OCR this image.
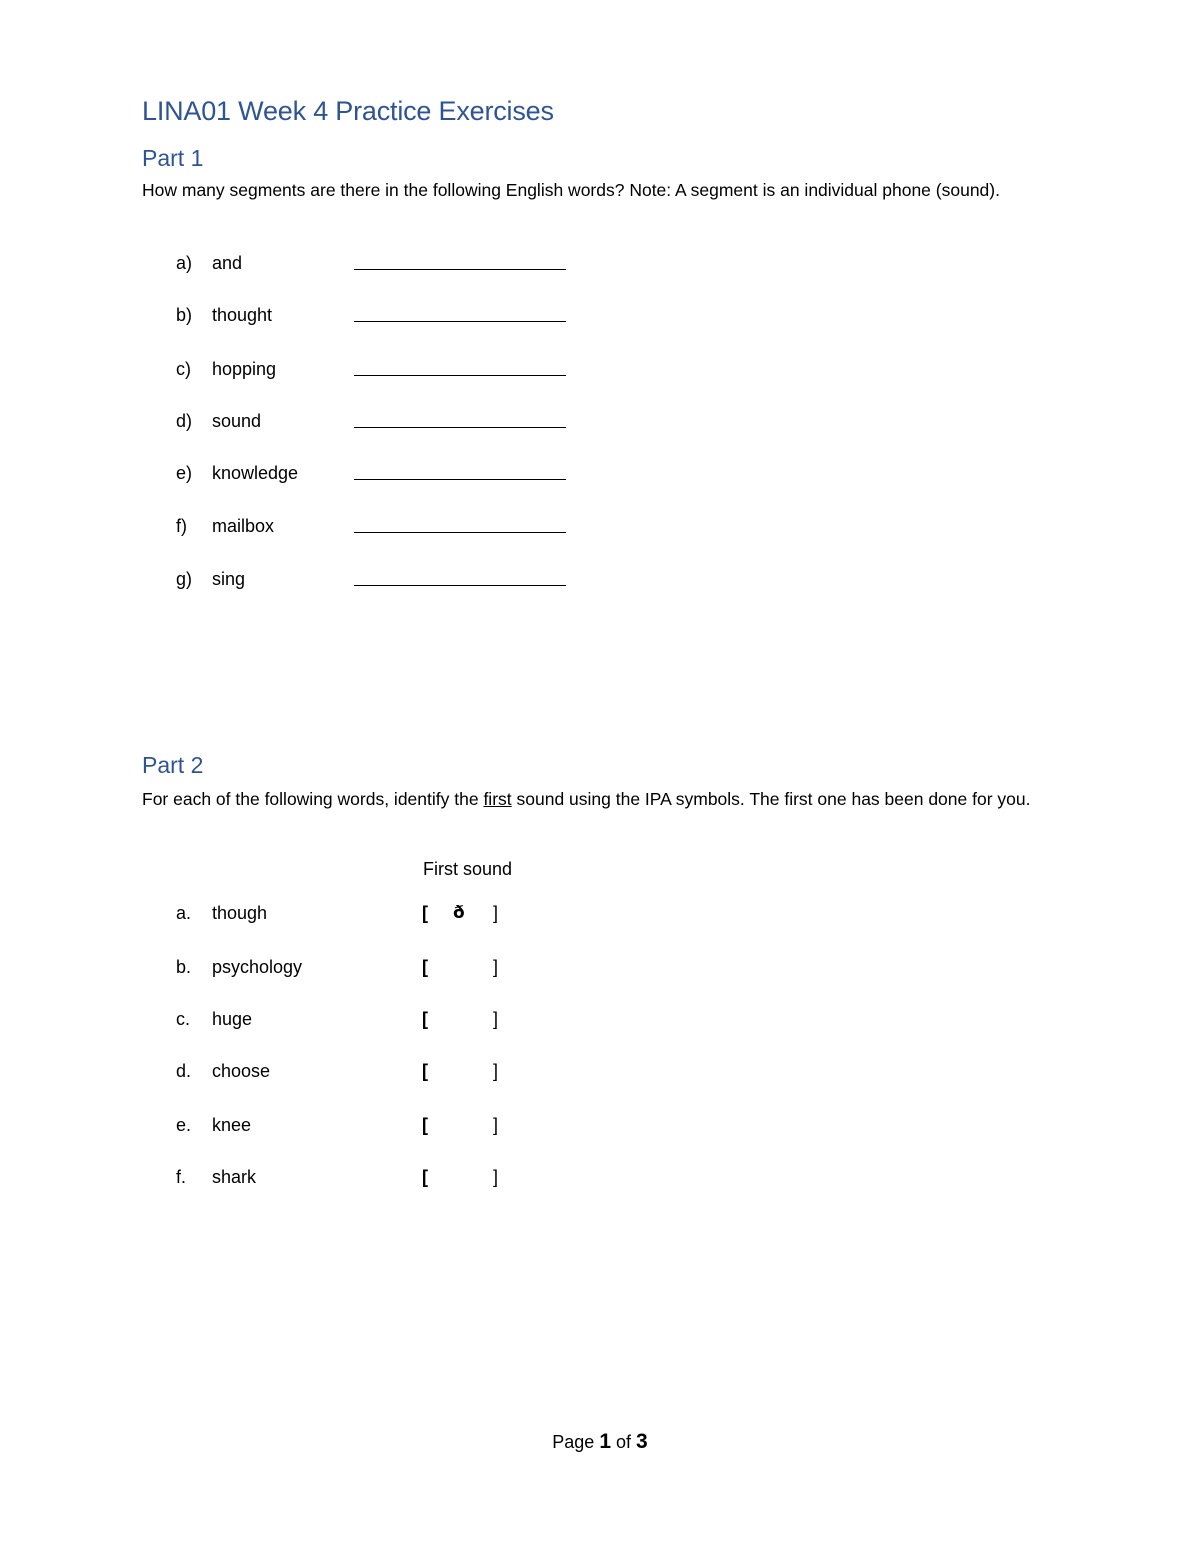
LINA01 Week 4 Practice Exercises
Part 1
How many segments are there in the following English words? Note: A segment is an individual phone (sound).
a) and
b) thought
c) hopping
d) sound
e) knowledge
f) mailbox
g) sing
Part 2
For each of the following words, identify the first sound using the IPA symbols. The first one has been done for you.
First sound
a. though	[ ð ]
b. psychology	[	]
c. huge	[	]
d. choose	[	]
e. knee	[	]
f. shark	[	]
Page 1 of 3
